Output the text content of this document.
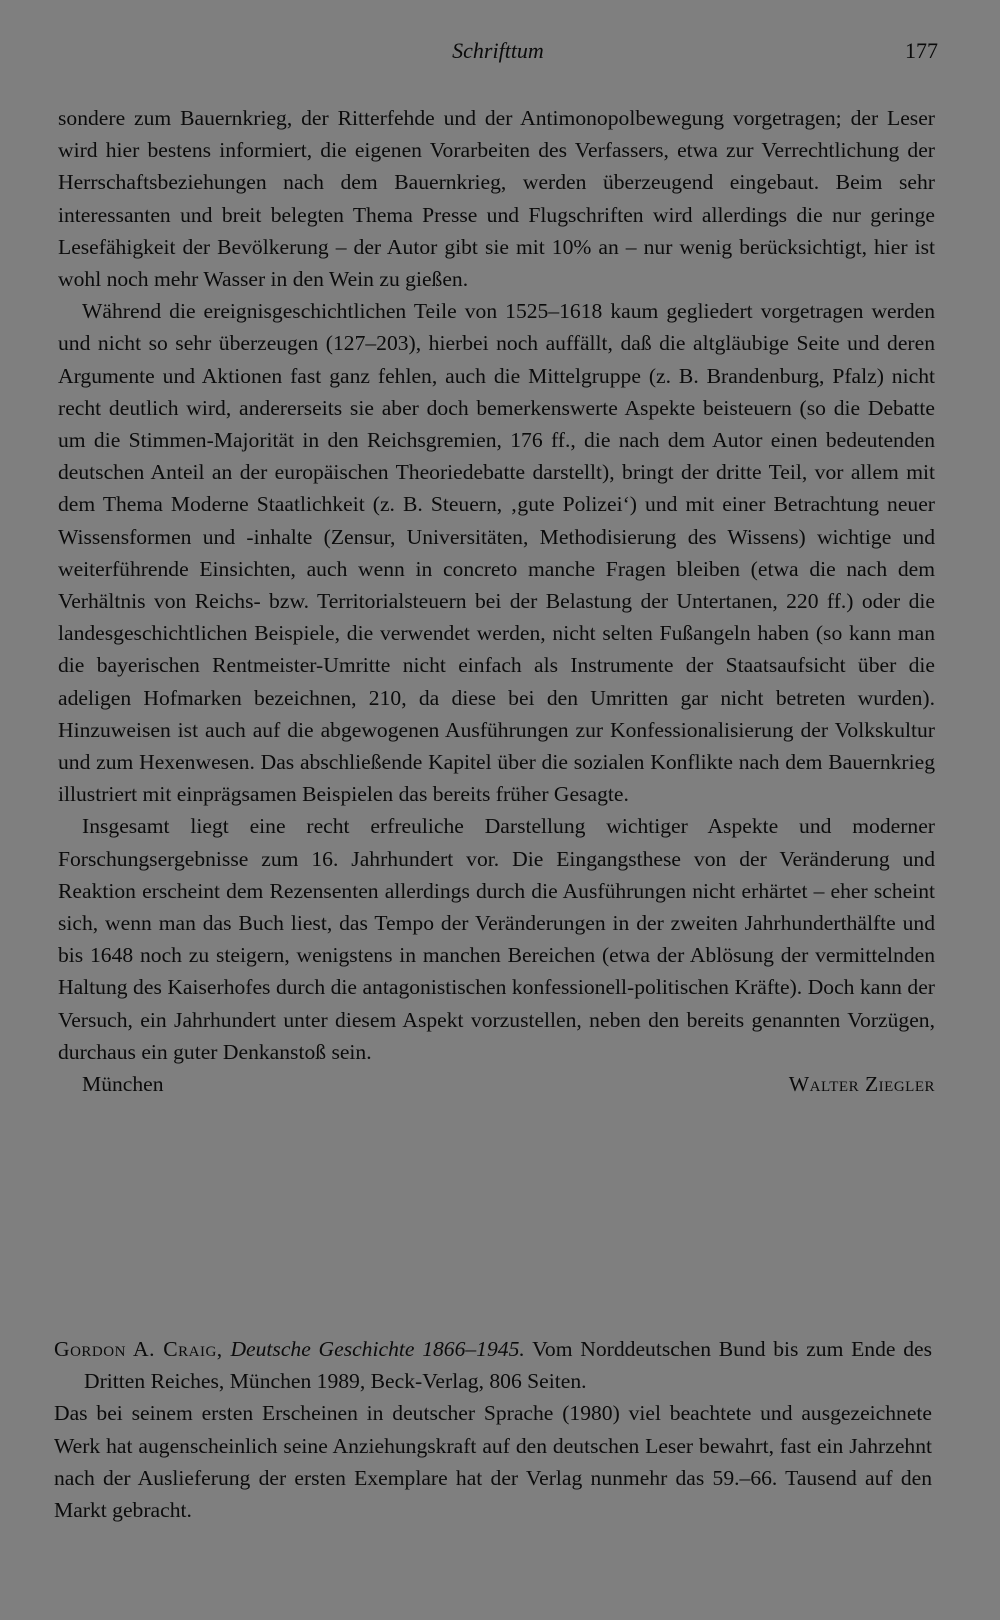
Schrifttum	177

sondere zum Bauernkrieg, der Ritterfehde und der Antimonopolbewegung vorgetragen; der Leser wird hier bestens informiert, die eigenen Vorarbeiten des Verfassers, etwa zur Verrechtlichung der Herrschaftsbeziehungen nach dem Bauernkrieg, werden überzeugend eingebaut. Beim sehr interessanten und breit belegten Thema Presse und Flugschriften wird allerdings die nur geringe Lesefähigkeit der Bevölkerung – der Autor gibt sie mit 10% an – nur wenig berücksichtigt, hier ist wohl noch mehr Wasser in den Wein zu gießen.

Während die ereignisgeschichtlichen Teile von 1525–1618 kaum gegliedert vorgetragen werden und nicht so sehr überzeugen (127–203), hierbei noch auffällt, daß die altgläubige Seite und deren Argumente und Aktionen fast ganz fehlen, auch die Mittelgruppe (z. B. Brandenburg, Pfalz) nicht recht deutlich wird, andererseits sie aber doch bemerkenswerte Aspekte beisteuern (so die Debatte um die Stimmen-Majorität in den Reichsgremien, 176 ff., die nach dem Autor einen bedeutenden deutschen Anteil an der europäischen Theoriedebatte darstellt), bringt der dritte Teil, vor allem mit dem Thema Moderne Staatlichkeit (z. B. Steuern, ‚gute Polizei‘) und mit einer Betrachtung neuer Wissensformen und -inhalte (Zensur, Universitäten, Methodisierung des Wissens) wichtige und weiterführende Einsichten, auch wenn in concreto manche Fragen bleiben (etwa die nach dem Verhältnis von Reichs- bzw. Territorialsteuern bei der Belastung der Untertanen, 220 ff.) oder die landesgeschichtlichen Beispiele, die verwendet werden, nicht selten Fußangeln haben (so kann man die bayerischen Rentmeister-Umritte nicht einfach als Instrumente der Staatsaufsicht über die adeligen Hofmarken bezeichnen, 210, da diese bei den Umritten gar nicht betreten wurden). Hinzuweisen ist auch auf die abgewogenen Ausführungen zur Konfessionalisierung der Volkskultur und zum Hexenwesen. Das abschließende Kapitel über die sozialen Konflikte nach dem Bauernkrieg illustriert mit einprägsamen Beispielen das bereits früher Gesagte.

Insgesamt liegt eine recht erfreuliche Darstellung wichtiger Aspekte und moderner Forschungsergebnisse zum 16. Jahrhundert vor. Die Eingangsthese von der Veränderung und Reaktion erscheint dem Rezensenten allerdings durch die Ausführungen nicht erhärtet – eher scheint sich, wenn man das Buch liest, das Tempo der Veränderungen in der zweiten Jahrhunderthälfte und bis 1648 noch zu steigern, wenigstens in manchen Bereichen (etwa der Ablösung der vermittelnden Haltung des Kaiserhofes durch die antagonistischen konfessionell-politischen Kräfte). Doch kann der Versuch, ein Jahrhundert unter diesem Aspekt vorzustellen, neben den bereits genannten Vorzügen, durchaus ein guter Denkanstoß sein.

München	Walter Ziegler

Gordon A. Craig, Deutsche Geschichte 1866–1945. Vom Norddeutschen Bund bis zum Ende des Dritten Reiches, München 1989, Beck-Verlag, 806 Seiten.

Das bei seinem ersten Erscheinen in deutscher Sprache (1980) viel beachtete und ausgezeichnete Werk hat augenscheinlich seine Anziehungskraft auf den deutschen Leser bewahrt, fast ein Jahrzehnt nach der Auslieferung der ersten Exemplare hat der Verlag nunmehr das 59.–66. Tausend auf den Markt gebracht.
